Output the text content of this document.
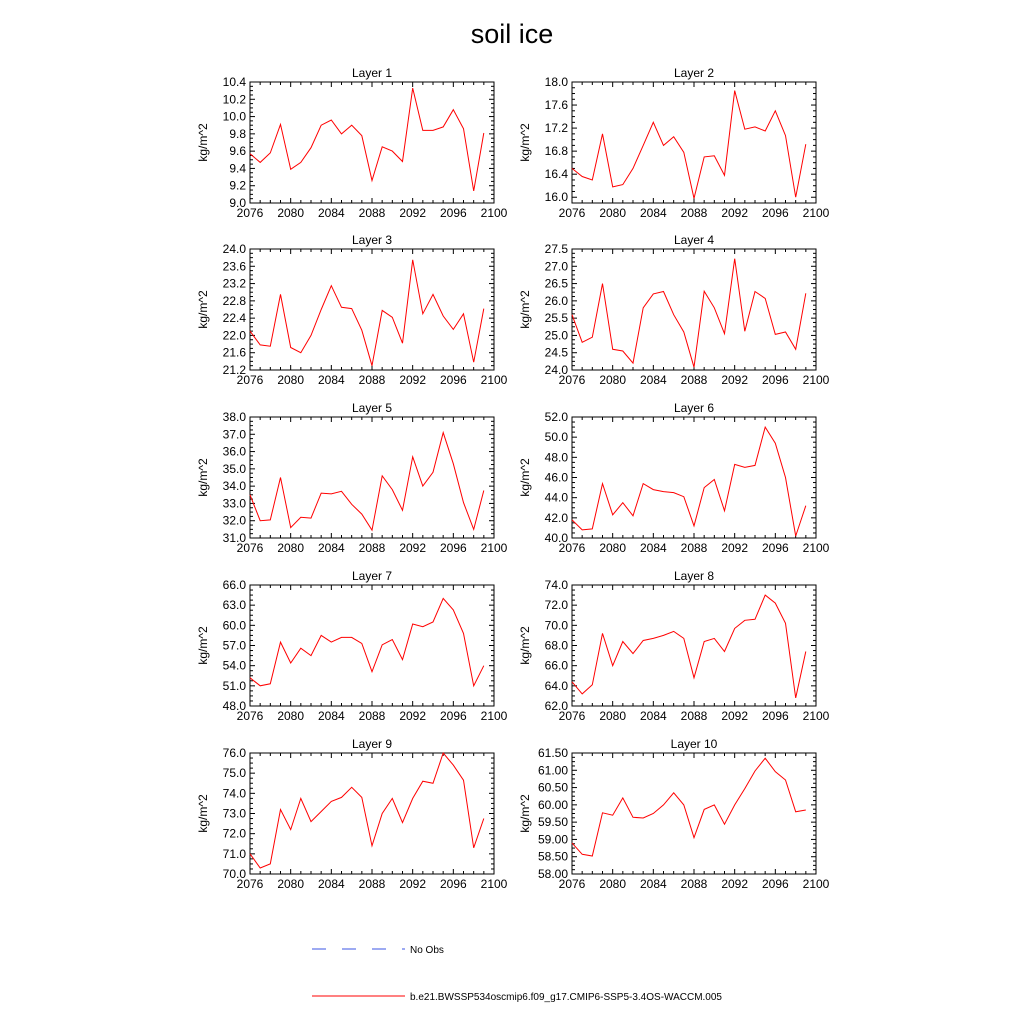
soil ice
Layer 1
kg/m^2
2076 2080 2084 2088 2092 2096 2100
9.0
9.2
9.4
9.6
9.8
10.0
10.2
10.4
Layer 2
kg/m^2
2076 2080 2084 2088 2092 2096 2100
16.0
16.4
16.8
17.2
17.6
18.0
Layer 3
kg/m^2
2076 2080 2084 2088 2092 2096 2100
21.2
21.6
22.0
22.4
22.8
23.2
23.6
24.0
Layer 4
kg/m^2
2076 2080 2084 2088 2092 2096 2100
24.0
24.5
25.0
25.5
26.0
26.5
27.0
27.5
Layer 5
kg/m^2
2076 2080 2084 2088 2092 2096 2100
31.0
32.0
33.0
34.0
35.0
36.0
37.0
38.0
Layer 6
kg/m^2
2076 2080 2084 2088 2092 2096 2100
40.0
42.0
44.0
46.0
48.0
50.0
52.0
Layer 7
kg/m^2
2076 2080 2084 2088 2092 2096 2100
48.0
51.0
54.0
57.0
60.0
63.0
66.0
Layer 8
kg/m^2
2076 2080 2084 2088 2092 2096 2100
62.0
64.0
66.0
68.0
70.0
72.0
74.0
Layer 9
kg/m^2
2076 2080 2084 2088 2092 2096 2100
70.0
71.0
72.0
73.0
74.0
75.0
76.0
Layer 10
kg/m^2
2076 2080 2084 2088 2092 2096 2100
58.00
58.50
59.00
59.50
60.00
60.50
61.00
61.50
No Obs
b.e21.BWSSP534oscmip6.f09_g17.CMIP6-SSP5-3.4OS-WACCM.005
